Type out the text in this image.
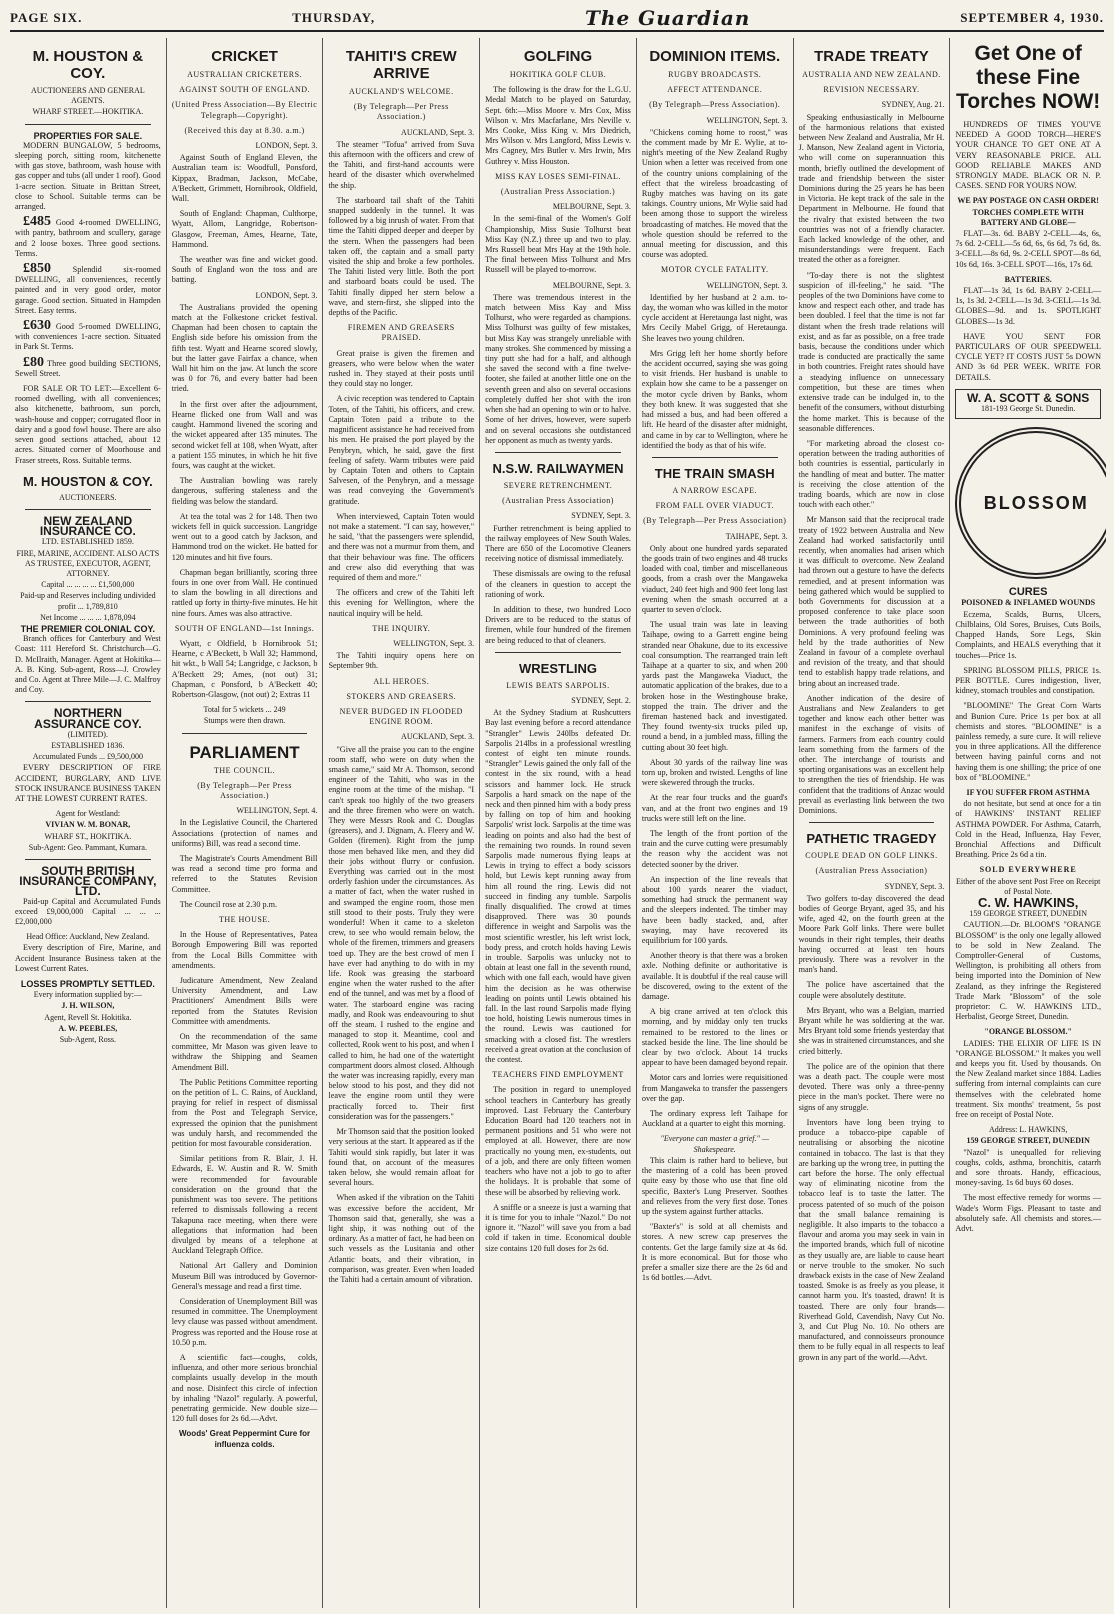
PAGE SIX.	THURSDAY,	The Guardian	SEPTEMBER 4, 1930.
M. HOUSTON & COY.
AUCTIONEERS AND GENERAL AGENTS.
WHARF STREET.—HOKITIKA.
PROPERTIES FOR SALE.

MODERN BUNGALOW, 5 bedrooms, sleeping porch, sitting room, kitchenette with gas stove, bathroom, wash house with gas copper and tubs (all under 1 roof). Good 1-acre section. Situate in Brittan Street, close to School. Suitable terms can be arranged.

£485 Good 4-roomed DWELLING, with pantry, bathroom and scullery, garage and 2 loose boxes. Three good sections. Terms.

£850	Splendid six-roomed DWELLING, all conveniences, recently painted and in very good order, motor garage. Good section. Situated in Hampden Street. Easy terms.

£630 Good 5-roomed DWELLING, with conveniences 1-acre section. Situated in Park St. Terms.

£80 Three good building SECTIONS, Sewell Street.

FOR SALE OR TO LET:—Excellent 6-roomed dwelling, with all conveniences; also kitchenette, bathroom, sun porch, wash-house and copper; corrugated floor in dairy and a good fowl house. There are also seven good sections attached, about 12 acres. Situated corner of Moorhouse and Fraser streets, Ross. Suitable terms.

M. HOUSTON & COY.
AUCTIONEERS.
NEW ZEALAND INSURANCE CO.
LTD. ESTABLISHED 1859.
FIRE, MARINE, ACCIDENT. ALSO ACTS AS TRUSTEE, EXECUTOR, AGENT, ATTORNEY.
Capital ... ... ... ... £1,500,000
Paid-up and Reserves including undivided profit ... 1,789,810
Net Income ... ... ... 1,878,094
THE PREMIER COLONIAL COY.

Branch offices for Canterbury and West Coast: 111 Hereford St. Christchurch—G. D. McIlraith, Manager. Agent at Hokitika—A. B. King. Sub-agent, Ross—J. Crowley and Co. Agent at Three Mile—J. C. Malfroy and Coy.

NORTHERN ASSURANCE COY.
(LIMITED).
ESTABLISHED 1836.
Accumulated Funds ... £9,500,000

EVERY DESCRIPTION OF FIRE ACCIDENT, BURGLARY, AND LIVE STOCK INSURANCE BUSINESS TAKEN AT THE LOWEST CURRENT RATES.

Agent for Westland:
VIVIAN W. M. BONAR,
WHARF ST., HOKITIKA.
Sub-Agent: Geo. Pammant, Kumara.
SOUTH BRITISH INSURANCE COMPANY, LTD.

Paid-up Capital and Accumulated Funds exceed £9,000,000 Capital ... ... ... £2,000,000

Head Office: Auckland, New Zealand.

Every description of Fire, Marine, and Accident Insurance Business taken at the Lowest Current Rates.

LOSSES PROMPTLY SETTLED.
Every information supplied by:—
J. H. WILSON,
Agent, Revell St. Hokitika.
A. W. PEEBLES,
Sub-Agent, Ross.
CRICKET
AUSTRALIAN CRICKETERS.
AGAINST SOUTH OF ENGLAND.
(United Press Association—By Electric Telegraph—Copyright).
(Received this day at 8.30. a.m.)
LONDON, Sept. 3.

Against South of England Eleven, the Australian team is: Woodfull, Ponsford, Kippax, Bradman, Jackson, McCabe, A'Beckett, Grimmett, Hornibrook, Oldfield, Wall.

South of England: Chapman, Culthorpe, Wyatt, Allom, Langridge, Robertson-Glasgow, Freeman, Ames, Hearne, Tate, Hammond.

The weather was fine and wicket good. South of England won the toss and are batting.

LONDON, Sept. 3.

The Australians provided the opening match at the Folkestone cricket festival. Chapman had been chosen to captain the English side before his omission from the fifth test. Wyatt and Hearne scored slowly, but the latter gave Fairfax a chance, when Wall hit him on the jaw. At lunch the score was 0 for 76, and every batter had been tried.

In the first over after the adjournment, Hearne flicked one from Wall and was caught. Hammond livened the scoring and the wicket appeared after 135 minutes. The second wicket fell at 108, when Wyatt, after a patient 155 minutes, in which he hit five fours, was caught at the wicket.

The Australian bowling was rarely dangerous, suffering staleness and the fielding was below the standard.

At tea the total was 2 for 148. Then two wickets fell in quick succession. Langridge went out to a good catch by Jackson, and Hammond trod on the wicket. He batted for 120 minutes and hit five fours.

Chapman began brilliantly, scoring three fours in one over from Wall. He continued to slam the bowling in all directions and rattled up forty in thirty-five minutes. He hit nine fours. Ames was also attractive.

SOUTH OF ENGLAND—1st Innings.

Wyatt, c Oldfield, b Hornibrook 51; Hearne, c A'Beckett, b Wall 32; Hammond, hit wkt., b Wall 54; Langridge, c Jackson, b A'Beckett 29; Ames, (not out) 31; Chapman, c Ponsford, b A'Beckett 40; Robertson-Glasgow, (not out) 2; Extras 11

Total for 5 wickets ... 249
Stumps were then drawn.
PARLIAMENT
THE COUNCIL.
(By Telegraph—Per Press Association.)
WELLINGTON, Sept. 4.

In the Legislative Council, the Chartered Associations (protection of names and uniforms) Bill, was read a second time.

The Magistrate's Courts Amendment Bill was read a second time pro forma and referred to the Statutes Revision Committee.

The Council rose at 2.30 p.m.

THE HOUSE.

In the House of Representatives, Patea Borough Empowering Bill was reported from the Local Bills Committee with amendments.

Judicature Amendment, New Zealand University Amendment, and Law Practitioners' Amendment Bills were reported from the Statutes Revision Committee with amendments.

On the recommendation of the same committee, Mr Mason was given leave to withdraw the Shipping and Seamen Amendment Bill.

The Public Petitions Committee reporting on the petition of L. C. Rains, of Auckland, praying for relief in respect of dismissal from the Post and Telegraph Service, expressed the opinion that the punishment was unduly harsh, and recommended the petition for most favourable consideration.

Similar petitions from R. Blair, J. H. Edwards, E. W. Austin and R. W. Smith were recommended for favourable consideration on the ground that the punishment was too severe. The petitions referred to dismissals following a recent Takapuna race meeting, when there were allegations that information had been divulged by means of a telephone at Auckland Telegraph Office.

National Art Gallery and Dominion Museum Bill was introduced by Governor-General's message and read a first time.

Consideration of Unemployment Bill was resumed in committee. The Unemployment levy clause was passed without amendment. Progress was reported and the House rose at 10.50 p.m.

A scientific fact—coughs, colds, influenza, and other more serious bronchial complaints usually develop in the mouth and nose. Disinfect this circle of infection by inhaling "Nazol" regularly. A powerful, penetrating germicide. New double size—120 full doses for 2s 6d.—Advt.

Woods' Great Peppermint Cure for influenza colds.
TAHITI'S CREW ARRIVE
AUCKLAND'S WELCOME.
(By Telegraph—Per Press Association.)
AUCKLAND, Sept. 3.

The steamer "Tofua" arrived from Suva this afternoon with the officers and crew of the Tahiti, and first-hand accounts were heard of the disaster which overwhelmed the ship.

The starboard tail shaft of the Tahiti snapped suddenly in the tunnel. It was followed by a big inrush of water. From that time the Tahiti dipped deeper and deeper by the stern. When the passengers had been taken off, the captain and a small party visited the ship and broke a few portholes. The Tahiti listed very little. Both the port and starboard boats could be used. The Tahiti finally dipped her stern below a wave, and stern-first, she slipped into the depths of the Pacific.

FIREMEN AND GREASERS PRAISED.

Great praise is given the firemen and greasers, who were below when the water rushed in. They stayed at their posts until they could stay no longer.

A civic reception was tendered to Captain Toten, of the Tahiti, his officers, and crew. Captain Toten paid a tribute to the magnificent assistance he had received from his men. He praised the port played by the Penybryn, which, he said, gave the first feeling of safety. Warm tributes were paid by Captain Toten and others to Captain Salvesen, of the Penybryn, and a message was read conveying the Government's gratitude.

When interviewed, Captain Toten would not make a statement. "I can say, however," he said, "that the passengers were splendid, and there was not a murmur from them, and that their behaviour was fine. The officers and crew also did everything that was required of them and more."

The officers and crew of the Tahiti left this evening for Wellington, where the nautical inquiry will be held.

THE INQUIRY.
WELLINGTON, Sept. 3.

The Tahiti inquiry opens here on September 9th.

ALL HEROES.
STOKERS AND GREASERS.
NEVER BUDGED IN FLOODED ENGINE ROOM.
AUCKLAND, Sept. 3.

"Give all the praise you can to the engine room staff, who were on duty when the smash came," said Mr A. Thomson, second engineer of the Tahiti, who was in the engine room at the time of the mishap. "I can't speak too highly of the two greasers and the three firemen who were on watch. They were Messrs Rook and C. Douglas (greasers), and J. Dignam, A. Fleery and W. Golden (firemen). Right from the jump those men behaved like men, and they did their jobs without flurry or confusion. Everything was carried out in the most orderly fashion under the circumstances. As a matter of fact, when the water rushed in and swamped the engine room, those men still stood to their posts. Truly they were wonderful! When it came to a skeleton crew, to see who would remain below, the whole of the firemen, trimmers and greasers toed up. They are the best crowd of men I have ever had anything to do with in my life. Rook was greasing the starboard engine when the water rushed to the after end of the tunnel, and was met by a flood of water. The starboard engine was racing madly, and Rook was endeavouring to shut off the steam. I rushed to the engine and managed to stop it. Meantime, cool and collected, Rook went to his post, and when I called to him, he had one of the watertight compartment doors almost closed. Although the water was increasing rapidly, every man below stood to his post, and they did not leave the engine room until they were practically forced to. Their first consideration was for the passengers."

Mr Thomson said that the position looked very serious at the start. It appeared as if the Tahiti would sink rapidly, but later it was found that, on account of the measures taken below, she would remain afloat for several hours.

When asked if the vibration on the Tahiti was excessive before the accident, Mr Thomson said that, generally, she was a light ship, it was nothing out of the ordinary. As a matter of fact, he had been on such vessels as the Lusitania and other Atlantic boats, and their vibration, in comparison, was greater. Even when loaded the Tahiti had a certain amount of vibration.

GOLFING
HOKITIKA GOLF CLUB.

The following is the draw for the L.G.U. Medal Match to be played on Saturday, Sept. 6th:—Miss Moore v. Mrs Cox, Miss Wilson v. Mrs Macfarlane, Mrs Neville v. Mrs Cooke, Miss King v. Mrs Diedrich, Mrs Wilson v. Mrs Langford, Miss Lewis v. Mrs Cagney, Mrs Butler v. Mrs Irwin, Mrs Guthrey v. Miss Houston.

MISS KAY LOSES SEMI-FINAL.
(Australian Press Association.)
MELBOURNE, Sept. 3.

In the semi-final of the Women's Golf Championship, Miss Susie Tolhurst beat Miss Kay (N.Z.) three up and two to play. Mrs Russell beat Mrs Hay at the 19th hole. The final between Miss Tolhurst and Mrs Russell will be played to-morrow.

MELBOURNE, Sept. 3.

There was tremendous interest in the match between Miss Kay and Miss Tolhurst, who were regarded as champions. Miss Tolhurst was guilty of few mistakes, but Miss Kay was strangely unreliable with many strokes. She commenced by missing a tiny putt she had for a half, and although she saved the second with a fine twelve-footer, she failed at another little one on the seventh green and also on several occasions completely duffed her shot with the iron when she had an opening to win or to halve. Some of her drives, however, were superb and on several occasions she outdistanced her opponent as much as twenty yards.

N.S.W. RAILWAYMEN
SEVERE RETRENCHMENT.
(Australian Press Association)
SYDNEY, Sept. 3.

Further retrenchment is being applied to the railway employees of New South Wales. There are 650 of the Locomotive Cleaners receiving notice of dismissal immediately.

These dismissals are owing to the refusal of the cleaners in question to accept the rationing of work.

In addition to these, two hundred Loco Drivers are to be reduced to the status of firemen, while four hundred of the firemen are being reduced to that of cleaners.

WRESTLING
LEWIS BEATS SARPOLIS.
SYDNEY, Sept. 2.

At the Sydney Stadium at Rushcutters Bay last evening before a record attendance "Strangler" Lewis 240lbs defeated Dr. Sarpolis 214lbs in a professional wrestling contest of eight ten minute rounds. "Strangler" Lewis gained the only fall of the contest in the six round, with a head scissors and hammer lock. He struck Sarpolis a hard smack on the nape of the neck and then pinned him with a body press by falling on top of him and hooking Sarpolis' wrist lock. Sarpolis at the time was leading on points and also had the best of the remaining two rounds. In round seven Sarpolis made numerous flying leaps at Lewis in trying to effect a body scissors hold, but Lewis kept running away from him all round the ring. Lewis did not succeed in finding any tumble. Sarpolis finally disqualified. The crowd at times disapproved. There was 30 pounds difference in weight and Sarpolis was the most scientific wrestler, his left wrist lock, body press, and crotch holds having Lewis in trouble. Sarpolis was unlucky not to obtain at least one fall in the seventh round, which with one fall each, would have given him the decision as he was otherwise leading on points until Lewis obtained his fall. In the last round Sarpolis made flying toe hold, hoisting Lewis numerous times in the round. Lewis was cautioned for smacking with a closed fist. The wrestlers received a great ovation at the conclusion of the contest.

TEACHERS FIND EMPLOYMENT

The position in regard to unemployed school teachers in Canterbury has greatly improved. Last February the Canterbury Education Board had 120 teachers not in permanent positions and 51 who were not employed at all. However, there are now practically no young men, ex-students, out of a job, and there are only fifteen women teachers who have not a job to go to after the holidays. It is probable that some of these will be absorbed by relieving work.

A sniffle or a sneeze is just a warning that it is time for you to inhale "Nazol." Do not ignore it. "Nazol" will save you from a bad cold if taken in time. Economical double size contains 120 full doses for 2s 6d.

DOMINION ITEMS.
RUGBY BROADCASTS.
AFFECT ATTENDANCE.
(By Telegraph—Press Association).
WELLINGTON, Sept. 3.

"Chickens coming home to roost," was the comment made by Mr E. Wylie, at to-night's meeting of the New Zealand Rugby Union when a letter was received from one of the country unions complaining of the effect that the wireless broadcasting of Rugby matches was having on its gate takings. Country unions, Mr Wylie said had been among those to support the wireless broadcasting of matches. He moved that the whole question should be referred to the annual meeting for discussion, and this course was adopted.

MOTOR CYCLE FATALITY.
WELLINGTON, Sept. 3.

Identified by her husband at 2 a.m. to-day, the woman who was killed in the motor cycle accident at Heretaunga last night, was Mrs Cecily Mabel Grigg, of Heretaunga. She leaves two young children.

Mrs Grigg left her home shortly before the accident occurred, saying she was going to visit friends. Her husband is unable to explain how she came to be a passenger on the motor cycle driven by Banks, whom they both knew. It was suggested that she had missed a bus, and had been offered a lift. He heard of the disaster after midnight, and came in by car to Wellington, where he identified the body as that of his wife.

THE TRAIN SMASH
A NARROW ESCAPE.
FROM FALL OVER VIADUCT.
(By Telegraph—Per Press Association)
TAIHAPE, Sept. 3.

Only about one hundred yards separated the goods train of two engines and 48 trucks loaded with coal, timber and miscellaneous goods, from a crash over the Mangaweka viaduct, 240 feet high and 900 feet long last evening when the smash occurred at a quarter to seven o'clock.

The usual train was late in leaving Taihape, owing to a Garrett engine being stranded near Ohakune, due to its excessive coal consumption. The rearranged train left Taihape at a quarter to six, and when 200 yards past the Mangaweka Viaduct, the automatic application of the brakes, due to a broken hose in the Westinghouse brake, stopped the train. The driver and the fireman hastened back and investigated. They found twenty-six trucks piled up, round a bend, in a jumbled mass, filling the cutting about 30 feet high.

About 30 yards of the railway line was torn up, broken and twisted. Lengths of line were skewered through the trucks.

At the rear four trucks and the guard's van, and at the front two engines and 19 trucks were still left on the line.

The length of the front portion of the train and the curve cutting were presumably the reason why the accident was not detected sooner by the driver.

An inspection of the line reveals that about 100 yards nearer the viaduct, something had struck the permanent way and the sleepers indented. The timber may have been badly stacked, and, after swaying, may have recovered its equilibrium for 100 yards.

Another theory is that there was a broken axle. Nothing definite or authoritative is available. It is doubtful if the real cause will be discovered, owing to the extent of the damage.

A big crane arrived at ten o'clock this morning, and by midday only ten trucks remained to be restored to the lines or stacked beside the line. The line should be clear by two o'clock. About 14 trucks appear to have been damaged beyond repair.

Motor cars and lorries were requisitioned from Mangaweka to transfer the passengers over the gap.

The ordinary express left Taihape for Auckland at a quarter to eight this morning.

"Everyone can master a grief." —Shakespeare.

This claim is rather hard to believe, but the mastering of a cold has been proved quite easy by those who use that fine old specific, Baxter's Lung Preserver. Soothes and relieves from the very first dose. Tones up the system against further attacks.

"Baxter's" is sold at all chemists and stores. A new screw cap preserves the contents. Get the large family size at 4s 6d. It is more economical. But for those who prefer a smaller size there are the 2s 6d and 1s 6d bottles.—Advt.

TRADE TREATY
AUSTRALIA AND NEW ZEALAND.
REVISION NECESSARY.
SYDNEY, Aug. 21.

Speaking enthusiastically in Melbourne of the harmonious relations that existed between New Zealand and Australia, Mr H. J. Manson, New Zealand agent in Victoria, who will come on superannuation this month, briefly outlined the development of trade and friendship between the sister Dominions during the 25 years he has been in Victoria. He kept track of the sale in the Department in Melbourne. He found that the rivalry that existed between the two countries was not of a friendly character. Each lacked knowledge of the other, and misunderstandings were frequent. Each treated the other as a foreigner.

"To-day there is not the slightest suspicion of ill-feeling," he said. "The peoples of the two Dominions have come to know and respect each other, and trade has been doubled. I feel that the time is not far distant when the fresh trade relations will exist, and as far as possible, on a free trade basis, because the conditions under which trade is conducted are practically the same in both countries. Freight rates should have a steadying influence on unnecessary competition, but these are times when extensive trade can be indulged in, to the benefit of the consumers, without disturbing the home market. This is because of the seasonable differences.

"For marketing abroad the closest co-operation between the trading authorities of both countries is essential, particularly in the handling of meat and butter. The matter is receiving the close attention of the trading boards, which are now in close touch with each other."

Mr Manson said that the reciprocal trade treaty of 1922 between Australia and New Zealand had worked satisfactorily until recently, when anomalies had arisen which it was difficult to overcome. New Zealand had thrown out a gesture to have the defects remedied, and at present information was being gathered which would be supplied to both Governments for discussion at a proposed conference to take place soon between the trade authorities of both Dominions. A very profound feeling was held by the trade authorities of New Zealand in favour of a complete overhaul and revision of the treaty, and that should tend to establish happy trade relations, and bring about an increased trade.

Another indication of the desire of Australians and New Zealanders to get together and know each other better was manifest in the exchange of visits of farmers. Farmers from each country could learn something from the farmers of the other. The interchange of tourists and sporting organisations was an excellent help to strengthen the ties of friendship. He was confident that the traditions of Anzac would prevail as everlasting link between the two Dominions.

PATHETIC TRAGEDY
COUPLE DEAD ON GOLF LINKS.
(Australian Press Association)
SYDNEY, Sept. 3.

Two golfers to-day discovered the dead bodies of George Bryant, aged 35, and his wife, aged 42, on the fourth green at the Moore Park Golf links. There were bullet wounds in their right temples, their deaths having occurred at least ten hours previously. There was a revolver in the man's hand.

The police have ascertained that the couple were absolutely destitute.

Mrs Bryant, who was a Belgian, married Bryant while he was soldiering at the war. Mrs Bryant told some friends yesterday that she was in straitened circumstances, and she cried bitterly.

The police are of the opinion that there was a death pact. The couple were most devoted. There was only a three-penny piece in the man's pocket. There were no signs of any struggle.

Inventors have long been trying to produce a tobacco-pipe capable of neutralising or absorbing the nicotine contained in tobacco. The last is that they are barking up the wrong tree, in putting the cart before the horse. The only effectual way of eliminating nicotine from the tobacco leaf is to taste the latter. The process patented of so much of the poison that the small balance remaining is negligible. It also imparts to the tobacco a flavour and aroma you may seek in vain in the imported brands, which full of nicotine as they usually are, are liable to cause heart or nerve trouble to the smoker. No such drawback exists in the case of New Zealand toasted. Smoke is as freely as you please, it cannot harm you. It's toasted, drawn! It is toasted. There are only four brands—Riverhead Gold, Cavendish, Navy Cut No. 3, and Cut Plug No. 10. No others are manufactured, and connoisseurs pronounce them to be fully equal in all respects to leaf grown in any part of the world.—Advt.

Get One of these Fine Torches NOW!

HUNDREDS OF TIMES YOU'VE NEEDED A GOOD TORCH—HERE'S YOUR CHANCE TO GET ONE AT A VERY REASONABLE PRICE. ALL GOOD RELIABLE MAKES AND STRONGLY MADE. BLACK OR N. P. CASES. SEND FOR YOURS NOW.

WE PAY POSTAGE ON CASH ORDER!
TORCHES COMPLETE WITH BATTERY AND GLOBE—

FLAT—3s. 6d. BABY 2-CELL—4s, 6s, 7s 6d. 2-CELL—5s 6d, 6s, 6s 6d, 7s 6d, 8s. 3-CELL—8s 6d, 9s. 2-CELL SPOT—8s 6d, 10s 6d, 16s. 3-CELL SPOT—16s, 17s 6d.

BATTERIES.

FLAT—1s 3d, 1s 6d. BABY 2-CELL—1s, 1s 3d. 2-CELL—1s 3d. 3-CELL—1s 3d. GLOBES—9d. and 1s. SPOTLIGHT GLOBES—1s 3d.

HAVE YOU SENT FOR PARTICULARS OF OUR SPEEDWELL CYCLE YET? IT COSTS JUST 5s DOWN AND 3s 6d PER WEEK. WRITE FOR DETAILS.

W. A. SCOTT & SONS
181-193 George St. Dunedin.
BLOSSOM
CURES
POISONED & INFLAMED WOUNDS

Eczema, Scalds, Burns, Ulcers, Chilblains, Old Sores, Bruises, Cuts Boils, Chapped Hands, Sore Legs, Skin Complaints, and HEALS everything that it touches—Price 1s.

SPRING BLOSSOM PILLS, PRICE 1s. PER BOTTLE. Cures indigestion, liver, kidney, stomach troubles and constipation.

"BLOOMINE" The Great Corn Warts and Bunion Cure. Price 1s per box at all chemists and stores. "BLOOMINE" is a painless remedy, a sure cure. It will relieve you in three applications. All the difference between having painful corns and not having them is one shilling; the price of one box of "BLOOMINE."

IF YOU SUFFER FROM ASTHMA

do not hesitate, but send at once for a tin of HAWKINS' INSTANT RELIEF ASTHMA POWDER. For Asthma, Catarrh, Cold in the Head, Influenza, Hay Fever, Bronchial Affections and Difficult Breathing. Price 2s 6d a tin.

SOLD EVERYWHERE
Either of the above sent Post Free on Receipt of Postal Note.
C. W. HAWKINS,
159 GEORGE STREET, DUNEDIN

CAUTION.—Dr. BLOOM'S "ORANGE BLOSSOM" is the only one legally allowed to be sold in New Zealand. The Comptroller-General of Customs, Wellington, is prohibiting all others from being imported into the Dominion of New Zealand, as they infringe the Registered Trade Mark "Blossom" of the sole proprietor: C. W. HAWKINS LTD., Herbalist, George Street, Dunedin.

"ORANGE BLOSSOM."

LADIES: THE ELIXIR OF LIFE IS IN "ORANGE BLOSSOM." It makes you well and keeps you fit. Used by thousands. On the New Zealand market since 1884. Ladies suffering from internal complaints can cure themselves with the celebrated home treatment. Six months' treatment, 5s post free on receipt of Postal Note.

Address: L. HAWKINS,
159 GEORGE STREET, DUNEDIN

"Nazol" is unequalled for relieving coughs, colds, asthma, bronchitis, catarrh and sore throats. Handy, efficacious, money-saving. 1s 6d buys 60 doses.

The most effective remedy for worms —Wade's Worm Figs. Pleasant to taste and absolutely safe. All chemists and stores.—Advt.
